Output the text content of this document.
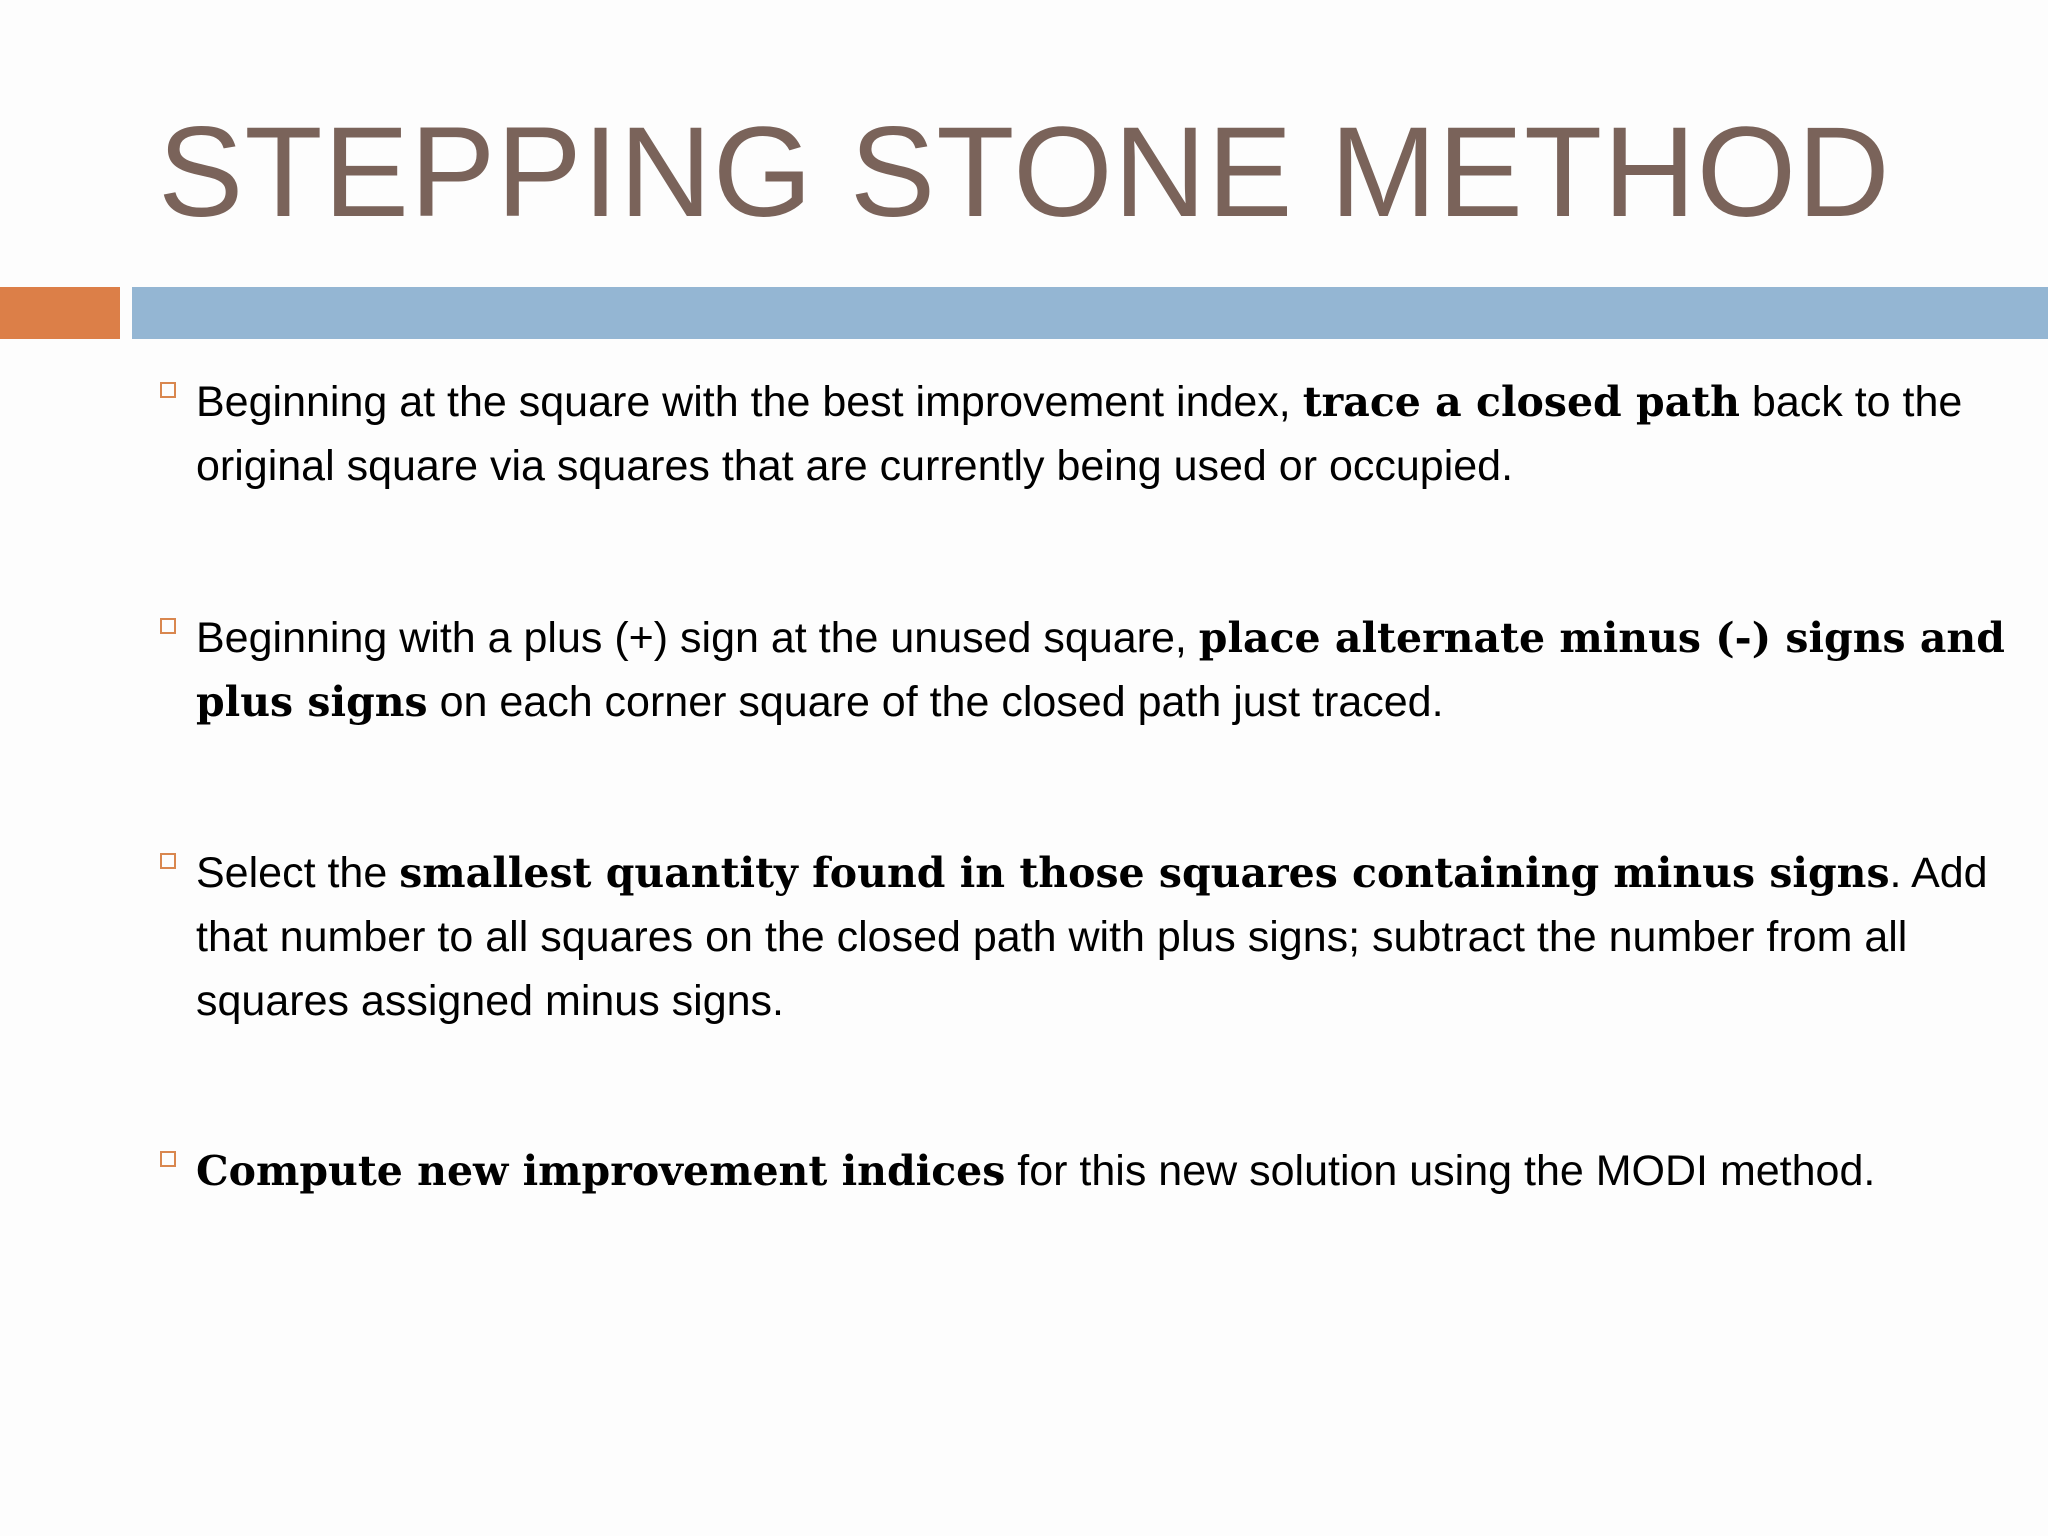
STEPPING STONE METHOD
Beginning at the square with the best improvement index, trace a closed path back to the original square via squares that are currently being used or occupied.
Beginning with a plus (+) sign at the unused square, place alternate minus (-) signs and plus signs on each corner square of the closed path just traced.
Select the smallest quantity found in those squares containing minus signs. Add that number to all squares on the closed path with plus signs; subtract the number from all squares assigned minus signs.
Compute new improvement indices for this new solution using the MODI method.
